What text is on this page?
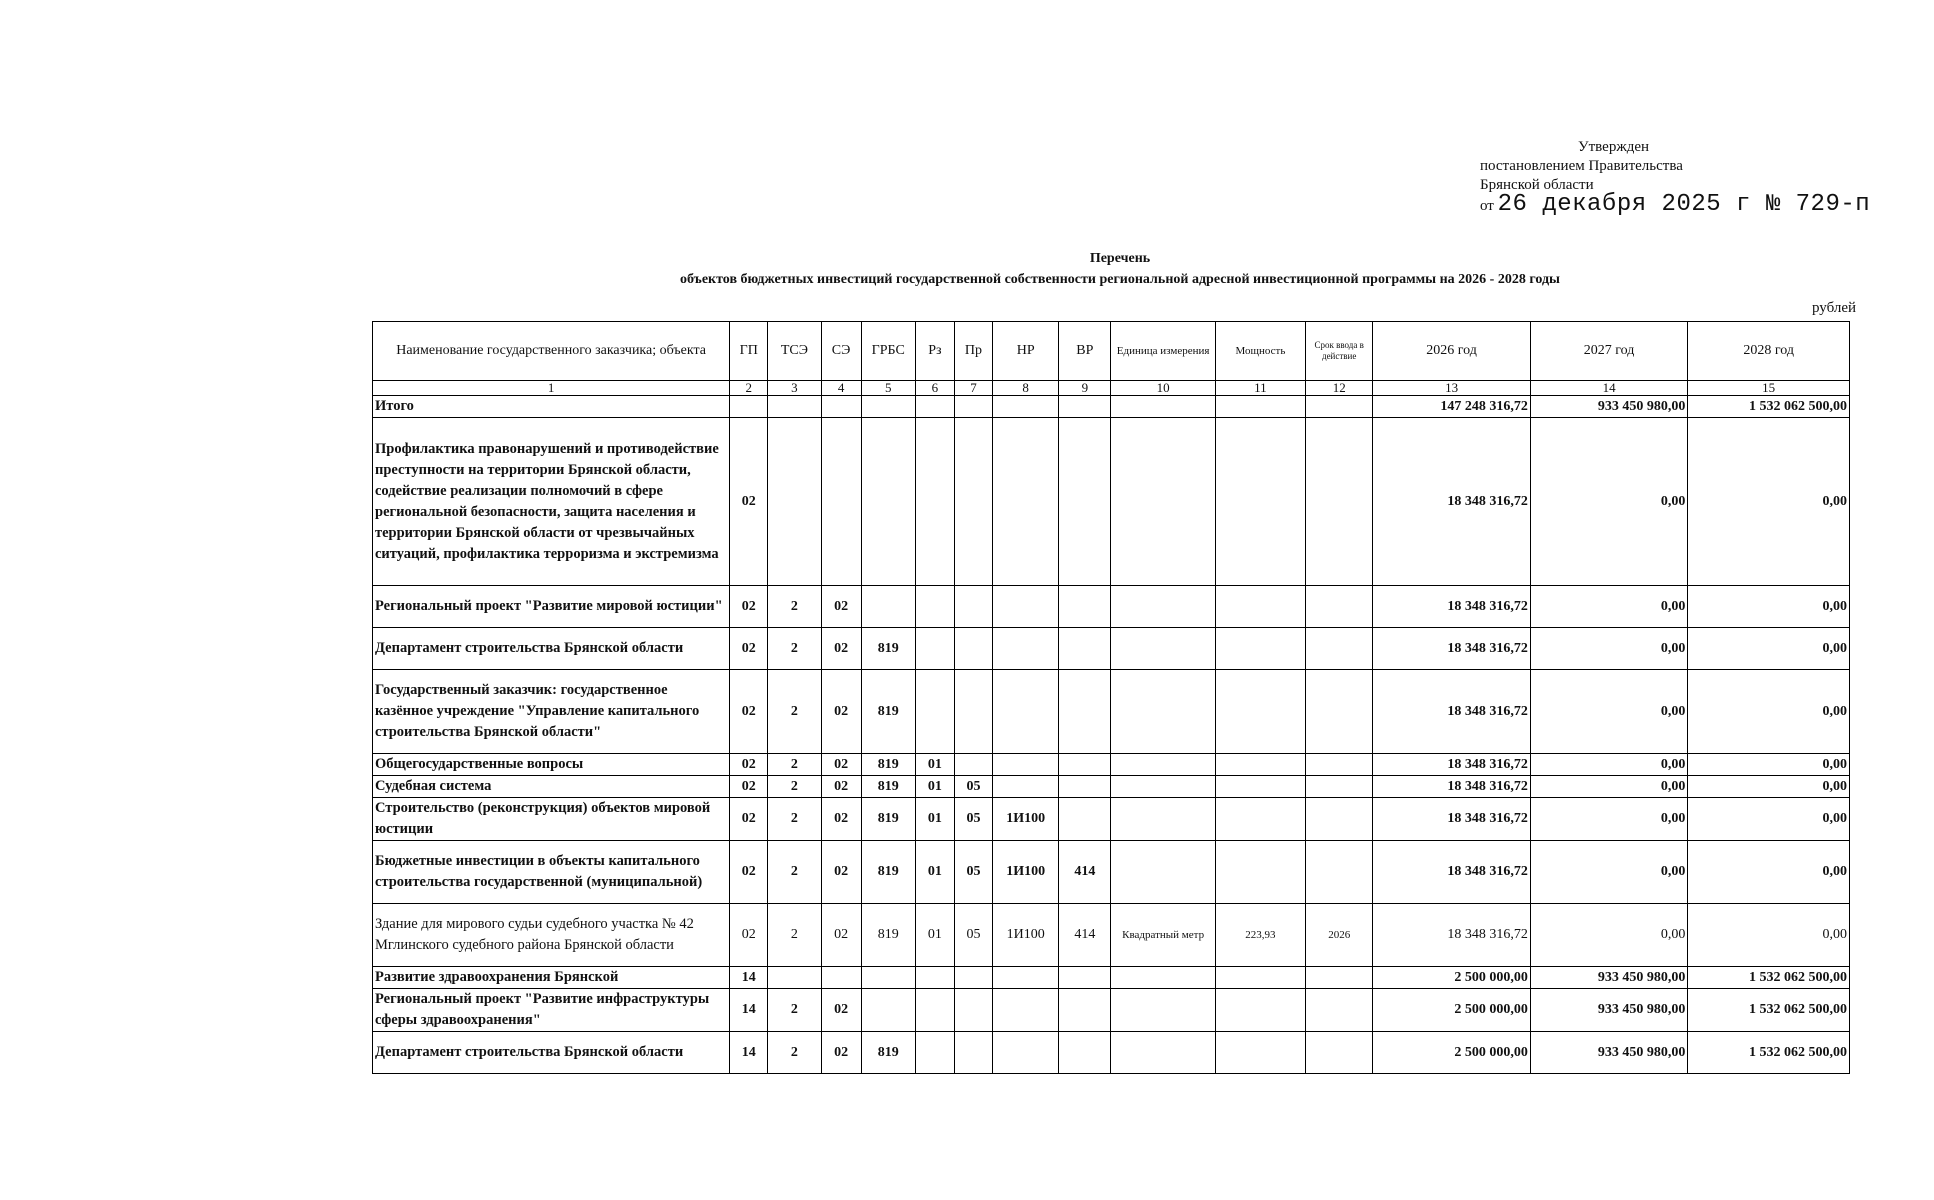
Утвержден
постановлением Правительства
Брянской области
от 26 декабря 2025 г № 729-п
Перечень
объектов бюджетных инвестиций государственной собственности региональной адресной инвестиционной программы на 2026 - 2028 годы
рублей
Наименование государственного заказчика; объекта	ГП	ТСЭ	СЭ	ГРБС	Рз	Пр	НР	ВР	Единица измерения	Мощность	Срок ввода в действие	2026 год	2027 год	2028 год
1	2	3	4	5	6	7	8	9	10	11	12	13	14	15
Итого												147 248 316,72	933 450 980,00	1 532 062 500,00
Профилактика правонарушений и противодействие преступности на территории Брянской области, содействие реализации полномочий в сфере региональной безопасности, защита населения и территории Брянской области от чрезвычайных ситуаций, профилактика терроризма и экстремизма	02											18 348 316,72	0,00	0,00
Региональный проект "Развитие мировой юстиции"	02	2	02									18 348 316,72	0,00	0,00
Департамент строительства Брянской области	02	2	02	819								18 348 316,72	0,00	0,00
Государственный заказчик: государственное казённое учреждение "Управление капитального строительства Брянской области"	02	2	02	819								18 348 316,72	0,00	0,00
Общегосударственные вопросы	02	2	02	819	01							18 348 316,72	0,00	0,00
Судебная система	02	2	02	819	01	05						18 348 316,72	0,00	0,00
Строительство (реконструкция) объектов мировой юстиции	02	2	02	819	01	05	1И100					18 348 316,72	0,00	0,00
Бюджетные инвестиции в объекты капитального строительства государственной (муниципальной)	02	2	02	819	01	05	1И100	414				18 348 316,72	0,00	0,00
Здание для мирового судьи судебного участка № 42 Мглинского судебного района Брянской области	02	2	02	819	01	05	1И100	414	Квадратный метр	223,93	2026	18 348 316,72	0,00	0,00
Развитие здравоохранения Брянской	14											2 500 000,00	933 450 980,00	1 532 062 500,00
Региональный проект "Развитие инфраструктуры сферы здравоохранения"	14	2	02									2 500 000,00	933 450 980,00	1 532 062 500,00
Департамент строительства Брянской области	14	2	02	819								2 500 000,00	933 450 980,00	1 532 062 500,00
